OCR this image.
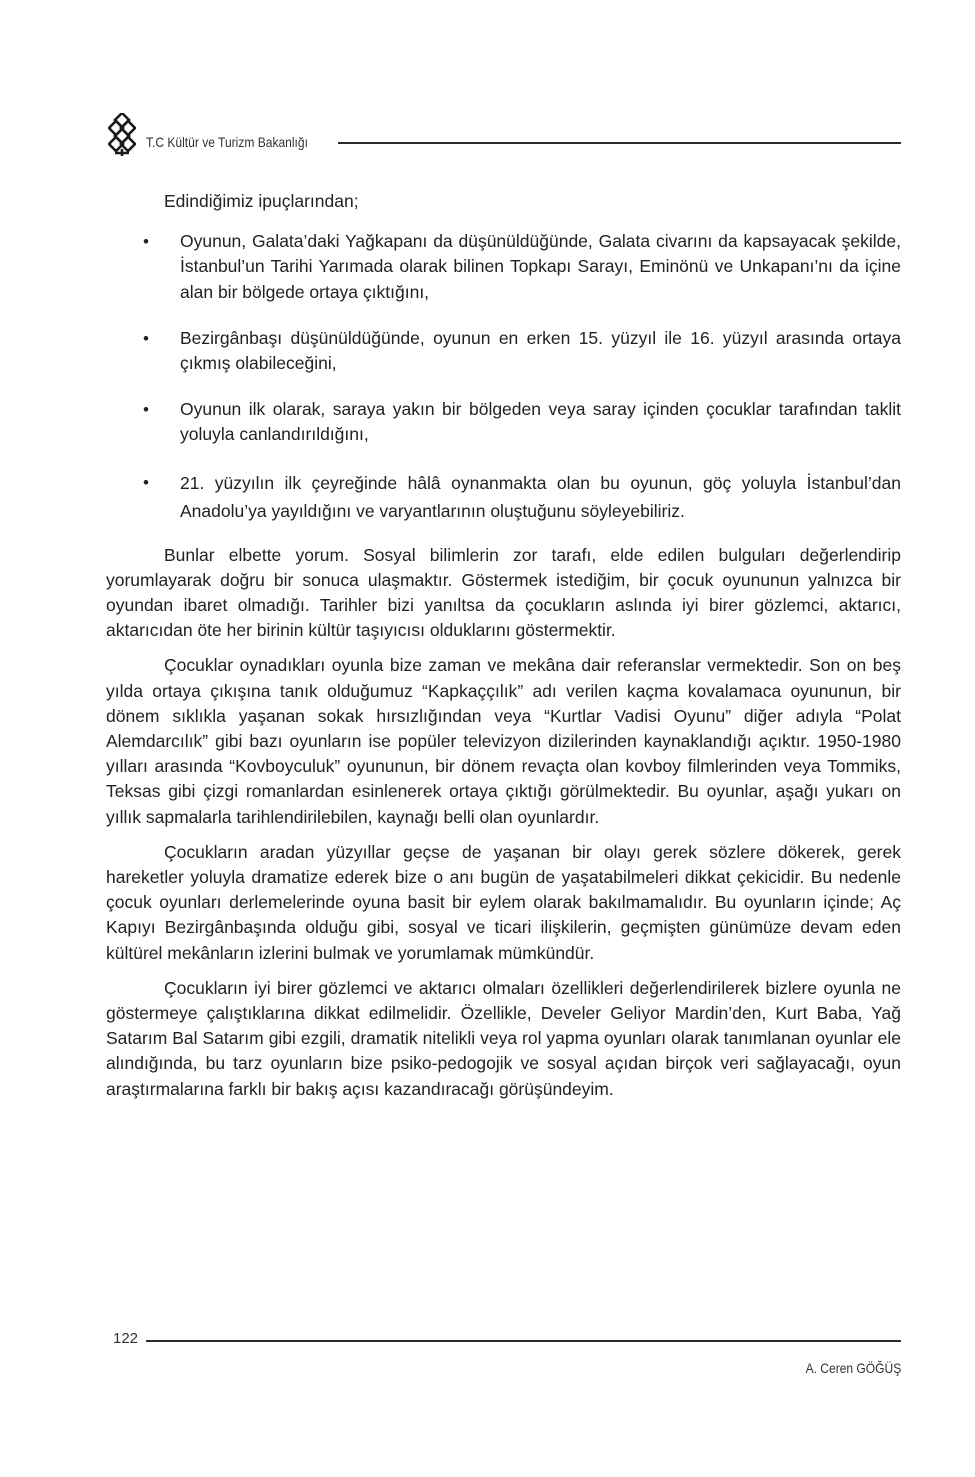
T.C Kültür ve Turizm Bakanlığı

Edindiğimiz ipuçlarından;

• Oyunun, Galata’daki Yağkapanı da düşünüldüğünde, Galata civarını da kapsayacak şekilde, İstanbul’un Tarihi Yarımada olarak bilinen Topkapı Sarayı, Eminönü ve Unkapanı’nı da içine alan bir bölgede ortaya çıktığını,
• Bezirgânbaşı düşünüldüğünde, oyunun en erken 15. yüzyıl ile 16. yüzyıl arasında ortaya çıkmış olabileceğini,
• Oyunun ilk olarak, saraya yakın bir bölgeden veya saray içinden çocuklar tarafından taklit yoluyla canlandırıldığını,
• 21. yüzyılın ilk çeyreğinde hâlâ oynanmakta olan bu oyunun, göç yoluyla İstanbul’dan Anadolu’ya yayıldığını ve varyantlarının oluştuğunu söyleyebiliriz.

Bunlar elbette yorum. Sosyal bilimlerin zor tarafı, elde edilen bulguları değerlendirip yorumlayarak doğru bir sonuca ulaşmaktır. Göstermek istediğim, bir çocuk oyununun yalnızca bir oyundan ibaret olmadığı. Tarihler bizi yanıltsa da çocukların aslında iyi birer gözlemci, aktarıcı, aktarıcıdan öte her birinin kültür taşıyıcısı olduklarını göstermektir.

Çocuklar oynadıkları oyunla bize zaman ve mekâna dair referanslar vermektedir. Son on beş yılda ortaya çıkışına tanık olduğumuz “Kapkaççılık” adı verilen kaçma kovalamaca oyununun, bir dönem sıklıkla yaşanan sokak hırsızlığından veya “Kurtlar Vadisi Oyunu” diğer adıyla “Polat Alemdarcılık” gibi bazı oyunların ise popüler televizyon dizilerinden kaynaklandığı açıktır. 1950-1980 yılları arasında “Kovboyculuk” oyununun, bir dönem revaçta olan kovboy filmlerinden veya Tommiks, Teksas gibi çizgi romanlardan esinlenerek ortaya çıktığı görülmektedir. Bu oyunlar, aşağı yukarı on yıllık sapmalarla tarihlendirilebilen, kaynağı belli olan oyunlardır.

Çocukların aradan yüzyıllar geçse de yaşanan bir olayı gerek sözlere dökerek, gerek hareketler yoluyla dramatize ederek bize o anı bugün de yaşatabilmeleri dikkat çekicidir. Bu nedenle çocuk oyunları derlemelerinde oyuna basit bir eylem olarak bakılmamalıdır. Bu oyunların içinde; Aç Kapıyı Bezirgânbaşında olduğu gibi, sosyal ve ticari ilişkilerin, geçmişten günümüze devam eden kültürel mekânların izlerini bulmak ve yorumlamak mümkündür.

Çocukların iyi birer gözlemci ve aktarıcı olmaları özellikleri değerlendirilerek bizlere oyunla ne göstermeye çalıştıklarına dikkat edilmelidir. Özellikle, Develer Geliyor Mardin’den, Kurt Baba, Yağ Satarım Bal Satarım gibi ezgili, dramatik nitelikli veya rol yapma oyunları olarak tanımlanan oyunlar ele alındığında, bu tarz oyunların bize psiko-pedogojik ve sosyal açıdan birçok veri sağlayacağı, oyun araştırmalarına farklı bir bakış açısı kazandıracağı görüşündeyim.

122
A. Ceren GÖĞÜŞ
